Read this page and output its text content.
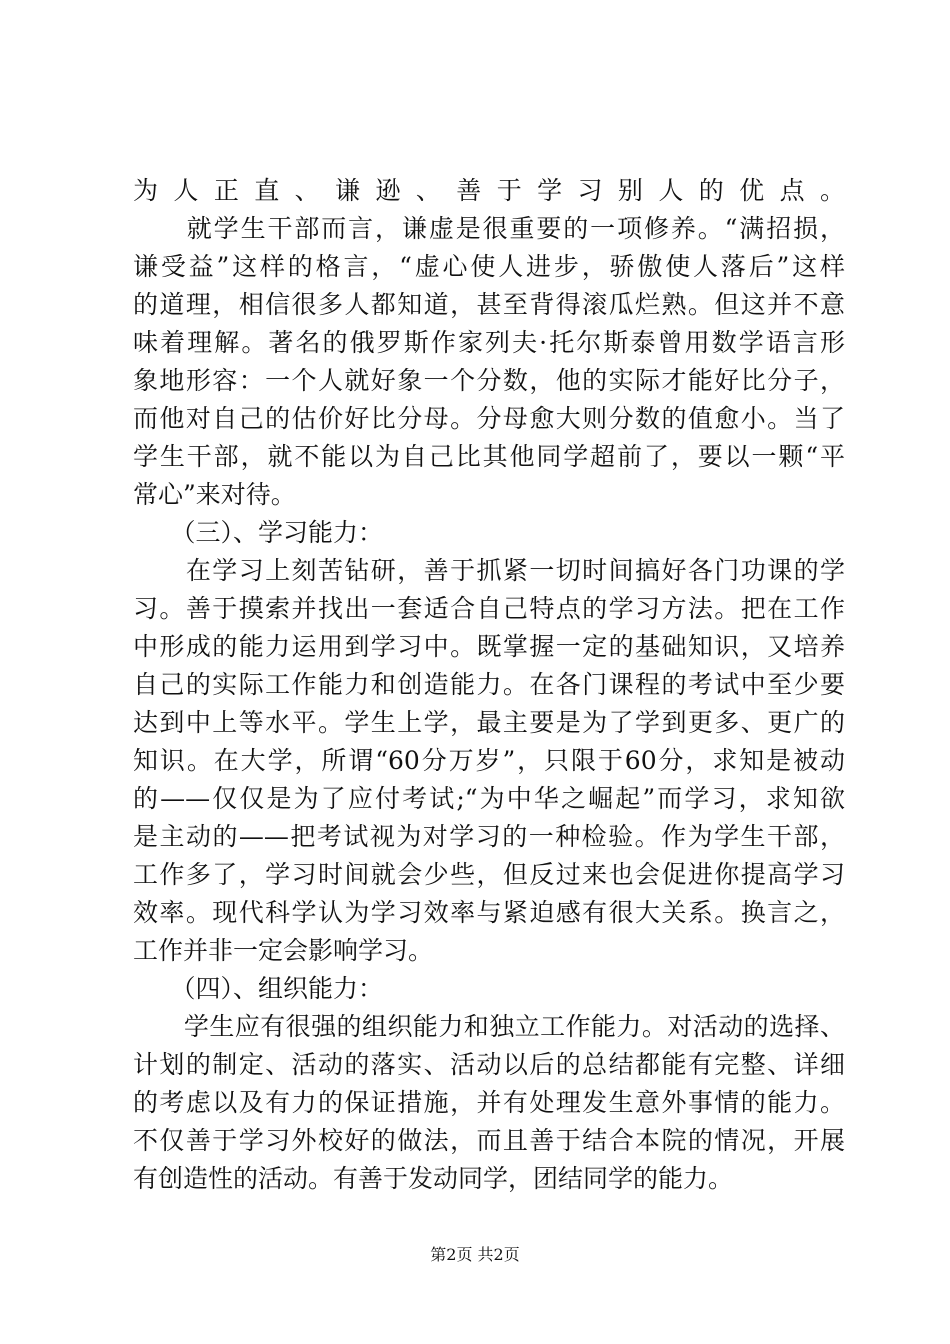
为人正直、谦逊、善于学习别人的优点。
　　就学生干部而言，谦虚是很重要的一项修养。“满招损，
谦受益”这样的格言，“虚心使人进步，骄傲使人落后”这样
的道理，相信很多人都知道，甚至背得滚瓜烂熟。但这并不意
味着理解。著名的俄罗斯作家列夫·托尔斯泰曾用数学语言形
象地形容：一个人就好象一个分数，他的实际才能好比分子，
而他对自己的估价好比分母。分母愈大则分数的值愈小。当了
学生干部，就不能以为自己比其他同学超前了，要以一颗“平
常心”来对待。
　　（三）、学习能力：
　　在学习上刻苦钻研，善于抓紧一切时间搞好各门功课的学
习。善于摸索并找出一套适合自己特点的学习方法。把在工作
中形成的能力运用到学习中。既掌握一定的基础知识，又培养
自己的实际工作能力和创造能力。在各门课程的考试中至少要
达到中上等水平。学生上学，最主要是为了学到更多、更广的
知识。在大学，所谓“60分万岁”，只限于60分，求知是被动
的——仅仅是为了应付考试;“为中华之崛起”而学习，求知欲
是主动的——把考试视为对学习的一种检验。作为学生干部，
工作多了，学习时间就会少些，但反过来也会促进你提高学习
效率。现代科学认为学习效率与紧迫感有很大关系。换言之，
工作并非一定会影响学习。
　　（四）、组织能力：
　　学生应有很强的组织能力和独立工作能力。对活动的选择、
计划的制定、活动的落实、活动以后的总结都能有完整、详细
的考虑以及有力的保证措施，并有处理发生意外事情的能力。
不仅善于学习外校好的做法，而且善于结合本院的情况，开展
有创造性的活动。有善于发动同学，团结同学的能力。
第2页 共2页
